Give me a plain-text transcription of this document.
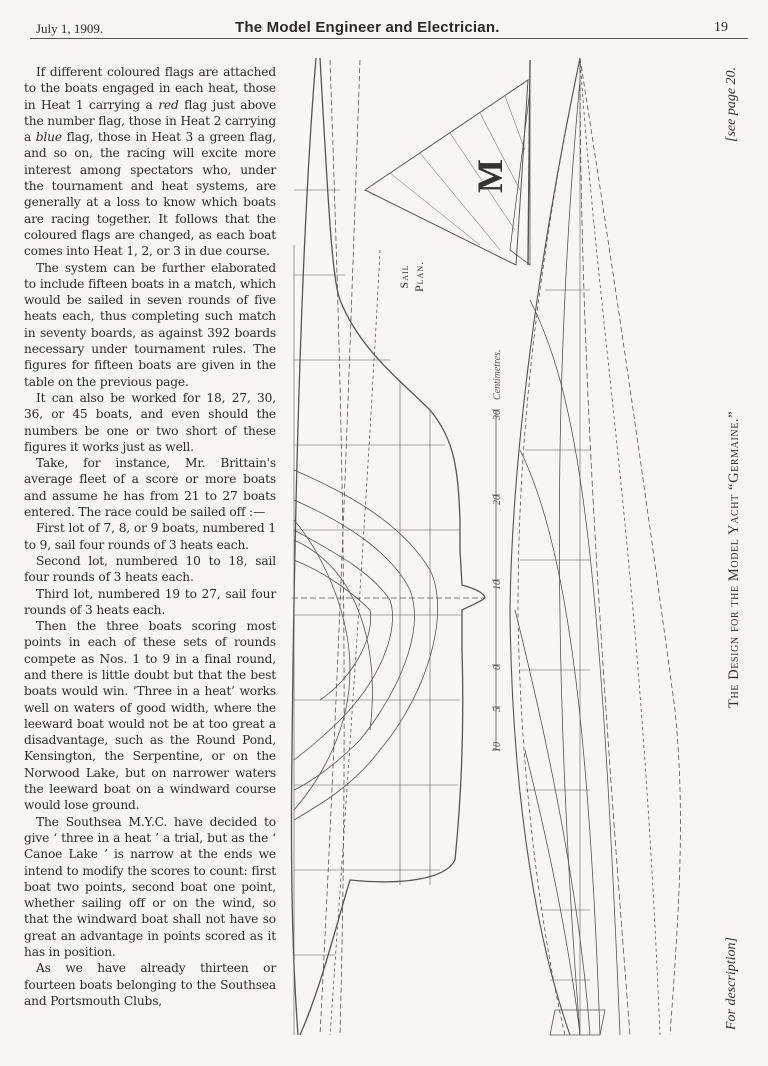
July 1, 1909.	The Model Engineer and Electrician.	19

If different coloured flags are attached to the boats engaged in each heat, those in Heat 1 carrying a red flag just above the number flag, those in Heat 2 carrying a blue flag, those in Heat 3 a green flag, and so on, the racing will excite more interest among spectators who, under the tournament and heat systems, are generally at a loss to know which boats are racing together. It follows that the coloured flags are changed, as each boat comes into Heat 1, 2, or 3 in due course.

The system can be further elaborated to include fifteen boats in a match, which would be sailed in seven rounds of five heats each, thus completing such match in seventy boards, as against 392 boards necessary under tournament rules. The figures for fifteen boats are given in the table on the previous page.

It can also be worked for 18, 27, 30, 36, or 45 boats, and even should the numbers be one or two short of these figures it works just as well.

Take, for instance, Mr. Brittain's average fleet of a score or more boats and assume he has from 21 to 27 boats entered. The race could be sailed off :—

First lot of 7, 8, or 9 boats, numbered 1 to 9, sail four rounds of 3 heats each.

Second lot, numbered 10 to 18, sail four rounds of 3 heats each.

Third lot, numbered 19 to 27, sail four rounds of 3 heats each.

Then the three boats scoring most points in each of these sets of rounds compete as Nos. 1 to 9 in a final round, and there is little doubt but that the best boats would win. ‘Three in a heat’ works well on waters of good width, where the leeward boat would not be at too great a disadvantage, such as the Round Pond, Kensington, the Serpentine, or on the Norwood Lake, but on narrower waters the leeward boat on a windward course would lose ground.

The Southsea M.Y.C. have decided to give ‘ three in a heat ’ a trial, but as the ‘ Canoe Lake ’ is narrow at the ends we intend to modify the scores to count: first boat two points, second boat one point, whether sailing off or on the wind, so that the windward boat shall not have so great an advantage in points scored as it has in position.

As we have already thirteen or fourteen boats belonging to the Southsea and Portsmouth Clubs,

M
Sail
Plan.
10
5
0
10
20
30
Centimetres.
[see page 20.
The Design for the Model Yacht “Germaine.”
For description]
